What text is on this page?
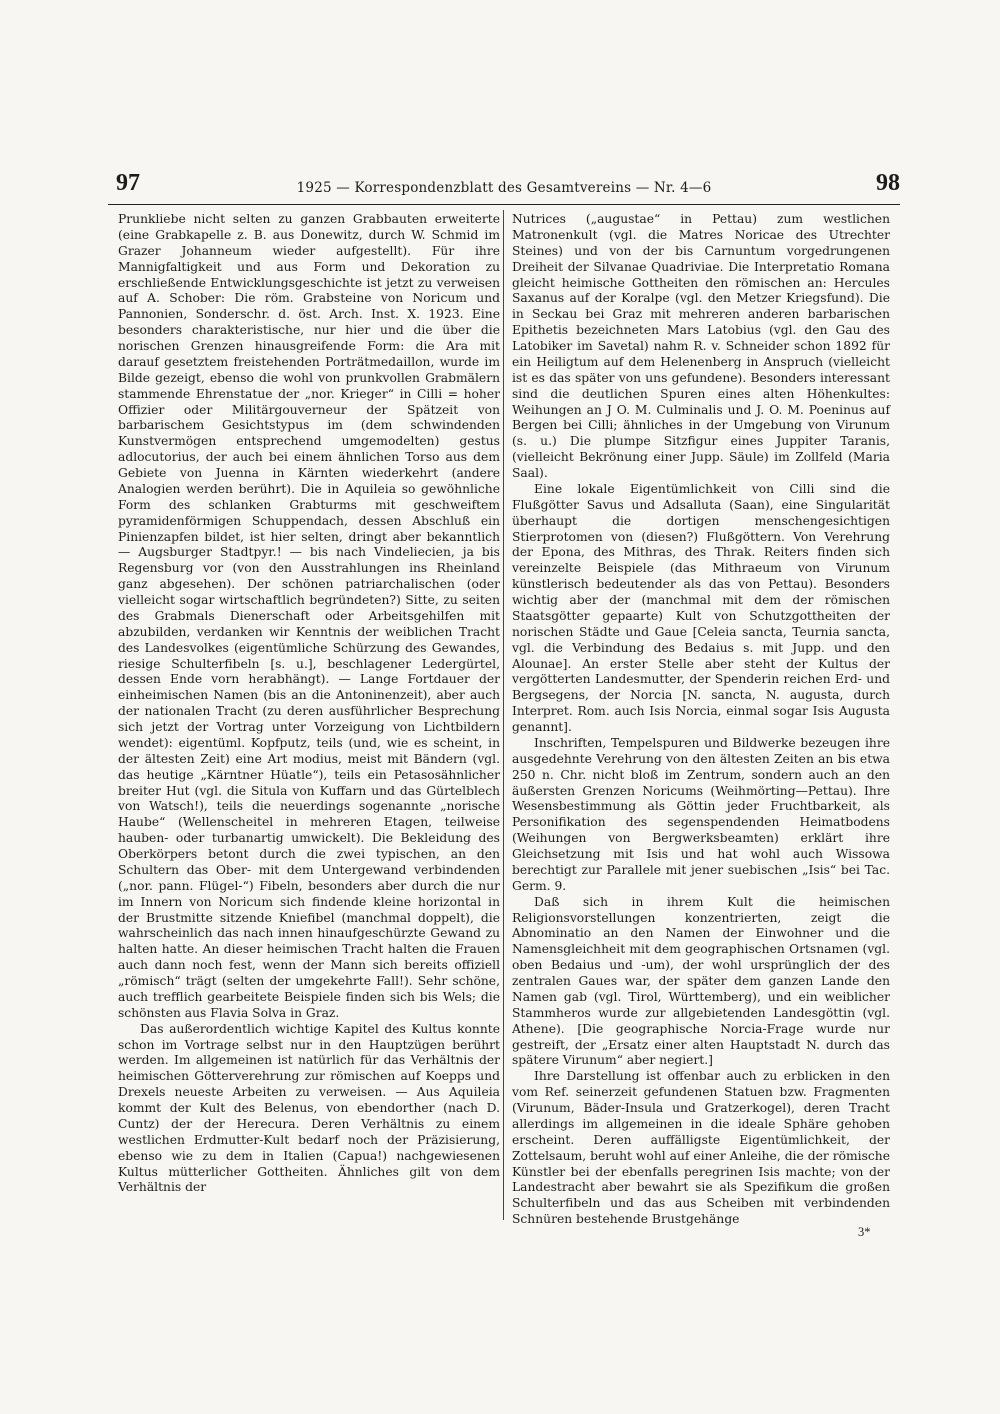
97	1925 — Korrespondenzblatt des Gesamtvereins — Nr. 4—6	98

Prunkliebe nicht selten zu ganzen Grabbauten erweiterte (eine Grabkapelle z. B. aus Donewitz, durch W. Schmid im Grazer Johanneum wieder aufgestellt). Für ihre Mannigfaltigkeit und aus Form und Dekoration zu erschließende Entwicklungsgeschichte ist jetzt zu verweisen auf A. Schober: Die röm. Grabsteine von Noricum und Pannonien, Sonderschr. d. öst. Arch. Inst. X. 1923. Eine besonders charakteristische, nur hier und die über die norischen Grenzen hinausgreifende Form: die Ara mit darauf gesetztem freistehenden Porträtmedaillon, wurde im Bilde gezeigt, ebenso die wohl von prunkvollen Grabmälern stammende Ehrenstatue der „nor. Krieger“ in Cilli = hoher Offizier oder Militärgouverneur der Spätzeit von barbarischem Gesichtstypus im (dem schwindenden Kunstvermögen entsprechend umgemodelten) gestus adlocutorius, der auch bei einem ähnlichen Torso aus dem Gebiete von Juenna in Kärnten wiederkehrt (andere Analogien werden berührt). Die in Aquileia so gewöhnliche Form des schlanken Grabturms mit geschweiftem pyramidenförmigen Schuppendach, dessen Abschluß ein Pinienzapfen bildet, ist hier selten, dringt aber bekanntlich — Augsburger Stadtpyr.! — bis nach Vindeliecien, ja bis Regensburg vor (von den Ausstrahlungen ins Rheinland ganz abgesehen). Der schönen patriarchalischen (oder vielleicht sogar wirtschaftlich begründeten?) Sitte, zu seiten des Grabmals Dienerschaft oder Arbeitsgehilfen mit abzubilden, verdanken wir Kenntnis der weiblichen Tracht des Landesvolkes (eigentümliche Schürzung des Gewandes, riesige Schulterfibeln [s. u.], beschlagener Ledergürtel, dessen Ende vorn herabhängt). — Lange Fortdauer der einheimischen Namen (bis an die Antoninenzeit), aber auch der nationalen Tracht (zu deren ausführlicher Besprechung sich jetzt der Vortrag unter Vorzeigung von Lichtbildern wendet): eigentüml. Kopfputz, teils (und, wie es scheint, in der ältesten Zeit) eine Art modius, meist mit Bändern (vgl. das heutige „Kärntner Hüatle“), teils ein Petasosähnlicher breiter Hut (vgl. die Situla von Kuffarn und das Gürtelblech von Watsch!), teils die neuerdings sogenannte „norische Haube“ (Wellenscheitel in mehreren Etagen, teilweise hauben- oder turbanartig umwickelt). Die Bekleidung des Oberkörpers betont durch die zwei typischen, an den Schultern das Ober- mit dem Untergewand verbindenden („nor. pann. Flügel-“) Fibeln, besonders aber durch die nur im Innern von Noricum sich findende kleine horizontal in der Brustmitte sitzende Kniefibel (manchmal doppelt), die wahrscheinlich das nach innen hinaufgeschürzte Gewand zu halten hatte. An dieser heimischen Tracht halten die Frauen auch dann noch fest, wenn der Mann sich bereits offiziell „römisch“ trägt (selten der umgekehrte Fall!). Sehr schöne, auch trefflich gearbeitete Beispiele finden sich bis Wels; die schönsten aus Flavia Solva in Graz.

Das außerordentlich wichtige Kapitel des Kultus konnte schon im Vortrage selbst nur in den Hauptzügen berührt werden. Im allgemeinen ist natürlich für das Verhältnis der heimischen Götterverehrung zur römischen auf Koepps und Drexels neueste Arbeiten zu verweisen. — Aus Aquileia kommt der Kult des Belenus, von ebendorther (nach D. Cuntz) der der Herecura. Deren Verhältnis zu einem westlichen Erdmutter-Kult bedarf noch der Präzisierung, ebenso wie zu dem in Italien (Capua!) nachgewiesenen Kultus mütterlicher Gottheiten. Ähnliches gilt von dem Verhältnis der

Nutrices („augustae“ in Pettau) zum westlichen Matronenkult (vgl. die Matres Noricae des Utrechter Steines) und von der bis Carnuntum vorgedrungenen Dreiheit der Silvanae Quadriviae. Die Interpretatio Romana gleicht heimische Gottheiten den römischen an: Hercules Saxanus auf der Koralpe (vgl. den Metzer Kriegsfund). Die in Seckau bei Graz mit mehreren anderen barbarischen Epithetis bezeichneten Mars Latobius (vgl. den Gau des Latobiker im Savetal) nahm R. v. Schneider schon 1892 für ein Heiligtum auf dem Helenenberg in Anspruch (vielleicht ist es das später von uns gefundene). Besonders interessant sind die deutlichen Spuren eines alten Höhenkultes: Weihungen an J O. M. Culminalis und J. O. M. Poeninus auf Bergen bei Cilli; ähnliches in der Umgebung von Virunum (s. u.) Die plumpe Sitzfigur eines Juppiter Taranis, (vielleicht Bekrönung einer Jupp. Säule) im Zollfeld (Maria Saal).

Eine lokale Eigentümlichkeit von Cilli sind die Flußgötter Savus und Adsalluta (Saan), eine Singularität überhaupt die dortigen menschengesichtigen Stierprotomen von (diesen?) Flußgöttern. Von Verehrung der Epona, des Mithras, des Thrak. Reiters finden sich vereinzelte Beispiele (das Mithraeum von Virunum künstlerisch bedeutender als das von Pettau). Besonders wichtig aber der (manchmal mit dem der römischen Staatsgötter gepaarte) Kult von Schutzgottheiten der norischen Städte und Gaue [Celeia sancta, Teurnia sancta, vgl. die Verbindung des Bedaius s. mit Jupp. und den Alounae]. An erster Stelle aber steht der Kultus der vergötterten Landesmutter, der Spenderin reichen Erd- und Bergsegens, der Norcia [N. sancta, N. augusta, durch Interpret. Rom. auch Isis Norcia, einmal sogar Isis Augusta genannt].

Inschriften, Tempelspuren und Bildwerke bezeugen ihre ausgedehnte Verehrung von den ältesten Zeiten an bis etwa 250 n. Chr. nicht bloß im Zentrum, sondern auch an den äußersten Grenzen Noricums (Weihmörting—Pettau). Ihre Wesensbestimmung als Göttin jeder Fruchtbarkeit, als Personifikation des segenspendenden Heimatbodens (Weihungen von Bergwerksbeamten) erklärt ihre Gleichsetzung mit Isis und hat wohl auch Wissowa berechtigt zur Parallele mit jener suebischen „Isis“ bei Tac. Germ. 9.

Daß sich in ihrem Kult die heimischen Religionsvorstellungen konzentrierten, zeigt die Abnominatio an den Namen der Einwohner und die Namensgleichheit mit dem geographischen Ortsnamen (vgl. oben Bedaius und -um), der wohl ursprünglich der des zentralen Gaues war, der später dem ganzen Lande den Namen gab (vgl. Tirol, Württemberg), und ein weiblicher Stammheros wurde zur allgebietenden Landesgöttin (vgl. Athene). [Die geographische Norcia-Frage wurde nur gestreift, der „Ersatz einer alten Hauptstadt N. durch das spätere Virunum“ aber negiert.]

Ihre Darstellung ist offenbar auch zu erblicken in den vom Ref. seinerzeit gefundenen Statuen bzw. Fragmenten (Virunum, Bäder-Insula und Gratzerkogel), deren Tracht allerdings im allgemeinen in die ideale Sphäre gehoben erscheint. Deren auffälligste Eigentümlichkeit, der Zottelsaum, beruht wohl auf einer Anleihe, die der römische Künstler bei der ebenfalls peregrinen Isis machte; von der Landestracht aber bewahrt sie als Spezifikum die großen Schulterfibeln und das aus Scheiben mit verbindenden Schnüren bestehende Brustgehänge

3*
